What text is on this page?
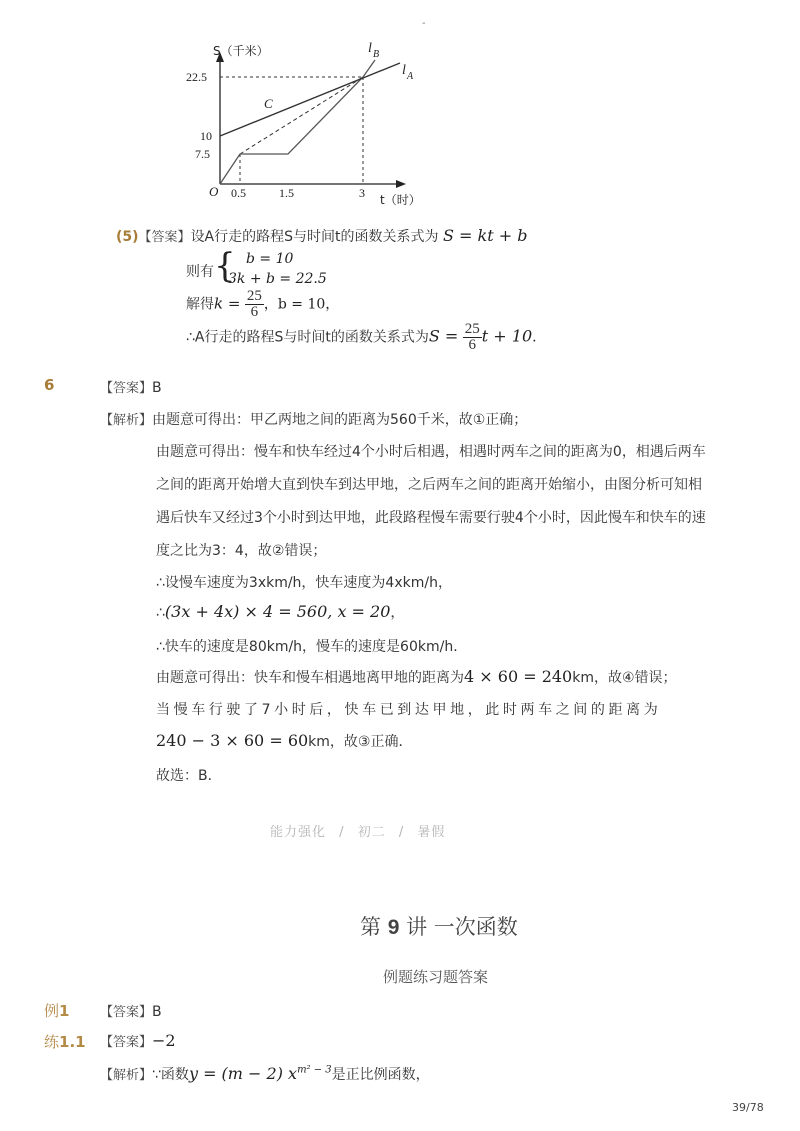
-
S（千米）
t（时）
O
22.5
10
7.5
0.5	1.5	3
C
l B
l A
(5)【答案】设A行走的路程S与时间t的函数关系式为 S = kt + b
则有 { b = 10
3k + b = 22.5
解得$k = \frac{25}{6}$ ，b = 10，
∴A行走的路程S与时间t的函数关系式为$S = \frac{25}{6}$ t + 10.
6	【答案】B
【解析】由题意可得出：甲乙两地之间的距离为560千米，故①正确；
由题意可得出：慢车和快车经过4个小时后相遇，相遇时两车之间的距离为0，相遇后两车
之间的距离开始增大直到快车到达甲地，之后两车之间的距离开始缩小，由图分析可知相
遇后快车又经过3个小时到达甲地，此段路程慢车需要行驶4个小时，因此慢车和快车的速
度之比为3：4，故②错误；
∴设慢车速度为3xkm/h，快车速度为4xkm/h，
∴(3x + 4x) × 4 = 560, x = 20，
∴快车的速度是80km/h，慢车的速度是60km/h．
由题意可得出：快车和慢车相遇地离甲地的距离为4 × 60 = 240km，故④错误；
当慢车行驶了7小时后，快车已到达甲地，此时两车之间的距离为
240 − 3 × 60 = 60km，故③正确．
故选：B．
能力强化 / 初二 / 暑假
第 9 讲 一次函数
例题练习题答案
例1 【答案】B
练1.1 【答案】−2
【解析】∵函数y = (m − 2) $x^{m^2 - 3}$是正比例函数，
39/78
